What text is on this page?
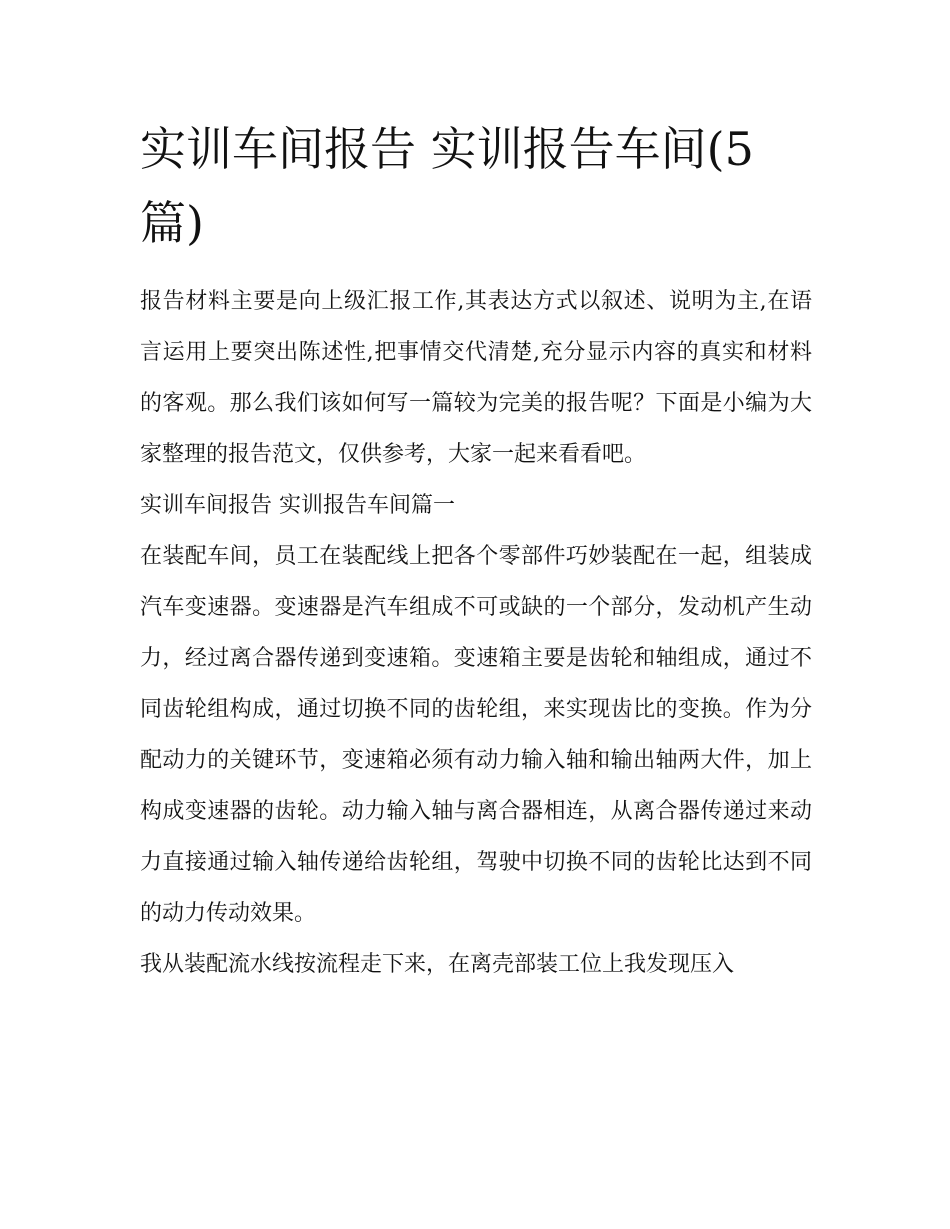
实训车间报告 实训报告车间(5篇)

报告材料主要是向上级汇报工作,其表达方式以叙述、说明为主,在语言运用上要突出陈述性,把事情交代清楚,充分显示内容的真实和材料的客观。那么我们该如何写一篇较为完美的报告呢？下面是小编为大家整理的报告范文，仅供参考，大家一起来看看吧。

实训车间报告 实训报告车间篇一

在装配车间，员工在装配线上把各个零部件巧妙装配在一起，组装成汽车变速器。变速器是汽车组成不可或缺的一个部分，发动机产生动力，经过离合器传递到变速箱。变速箱主要是齿轮和轴组成，通过不同齿轮组构成，通过切换不同的齿轮组，来实现齿比的变换。作为分配动力的关键环节，变速箱必须有动力输入轴和输出轴两大件，加上构成变速器的齿轮。动力输入轴与离合器相连，从离合器传递过来动力直接通过输入轴传递给齿轮组，驾驶中切换不同的齿轮比达到不同的动力传动效果。

我从装配流水线按流程走下来，在离壳部装工位上我发现压入
